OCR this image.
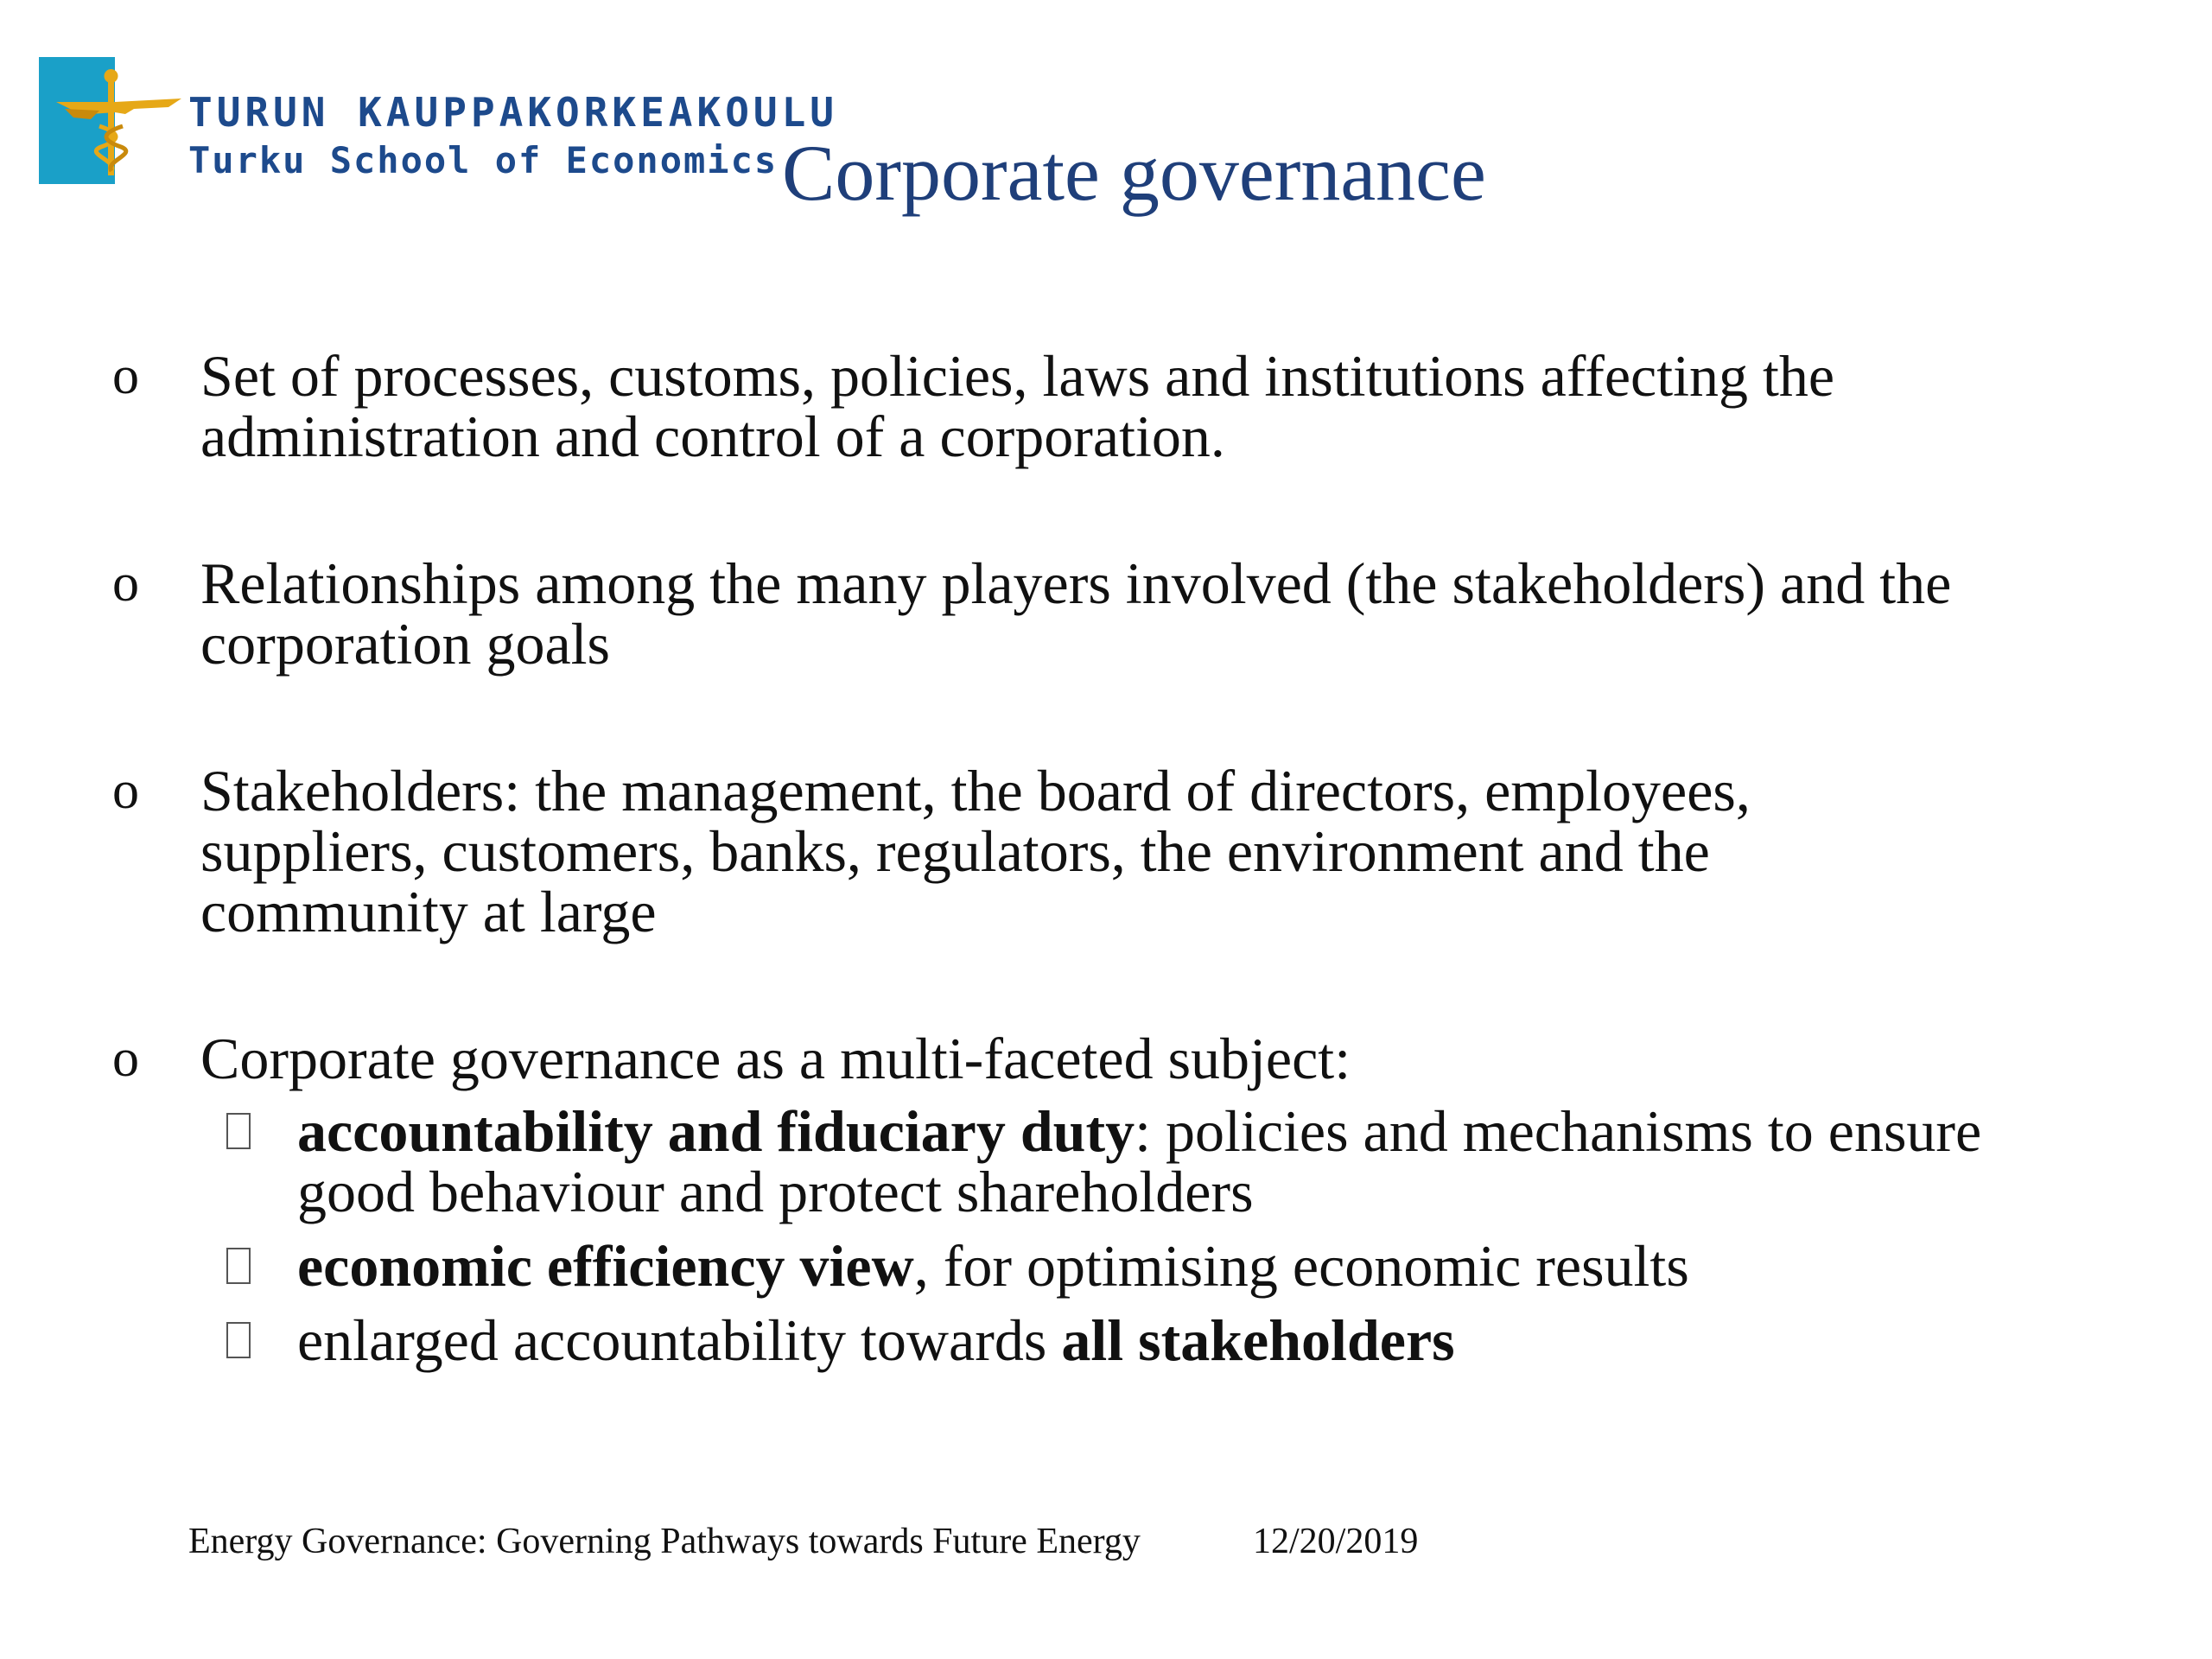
TURUN KAUPPAKORKEAKOULU
Turku School of Economics Corporate governance
o Set of processes, customs, policies, laws and institutions affecting the administration and control of a corporation.
o Relationships among the many players involved (the stakeholders) and the corporation goals
o Stakeholders: the management, the board of directors, employees, suppliers, customers, banks, regulators, the environment and the community at large
o Corporate governance as a multi-faceted subject:
accountability and fiduciary duty: policies and mechanisms to ensure good behaviour and protect shareholders
economic efficiency view, for optimising economic results
enlarged accountability towards all stakeholders
Energy Governance: Governing Pathways towards Future Energy	12/20/2019
